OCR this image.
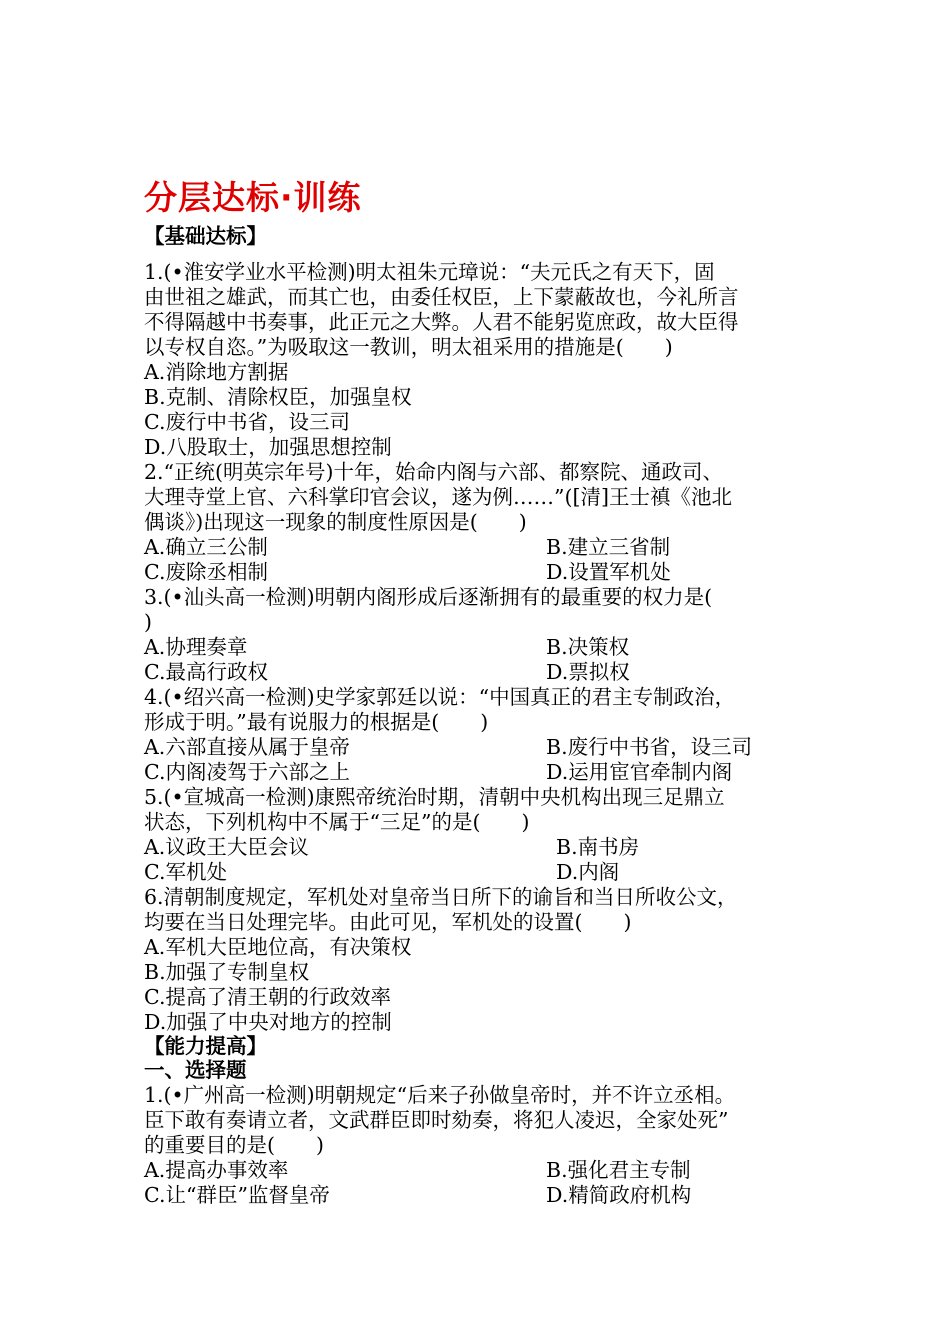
分层达标·训练
【基础达标】
1.(•淮安学业水平检测)明太祖朱元璋说：“夫元氏之有天下，固
由世祖之雄武，而其亡也，由委任权臣，上下蒙蔽故也，今礼所言
不得隔越中书奏事，此正元之大弊。人君不能躬览庶政，故大臣得
以专权自恣。”为吸取这一教训，明太祖采用的措施是(　　)
A.消除地方割据
B.克制、清除权臣，加强皇权
C.废行中书省，设三司
D.八股取士，加强思想控制
2.“正统(明英宗年号)十年，始命内阁与六部、都察院、通政司、
大理寺堂上官、六科掌印官会议，遂为例……”([清]王士禛《池北
偶谈》)出现这一现象的制度性原因是(　　)
A.确立三公制	B.建立三省制
C.废除丞相制	D.设置军机处
3.(•汕头高一检测)明朝内阁形成后逐渐拥有的最重要的权力是(
)
A.协理奏章	B.决策权
C.最高行政权	D.票拟权
4.(•绍兴高一检测)史学家郭廷以说：“中国真正的君主专制政治，
形成于明。”最有说服力的根据是(　　)
A.六部直接从属于皇帝	B.废行中书省，设三司
C.内阁凌驾于六部之上	D.运用宦官牵制内阁
5.(•宣城高一检测)康熙帝统治时期，清朝中央机构出现三足鼎立
状态，下列机构中不属于“三足”的是(　　)
A.议政王大臣会议	B.南书房
C.军机处	D.内阁
6.清朝制度规定，军机处对皇帝当日所下的谕旨和当日所收公文，
均要在当日处理完毕。由此可见，军机处的设置(　　)
A.军机大臣地位高，有决策权
B.加强了专制皇权
C.提高了清王朝的行政效率
D.加强了中央对地方的控制
【能力提高】
一、选择题
1.(•广州高一检测)明朝规定“后来子孙做皇帝时，并不许立丞相。
臣下敢有奏请立者，文武群臣即时劾奏，将犯人凌迟，全家处死”
的重要目的是(　　)
A.提高办事效率	B.强化君主专制
C.让“群臣”监督皇帝	D.精简政府机构
